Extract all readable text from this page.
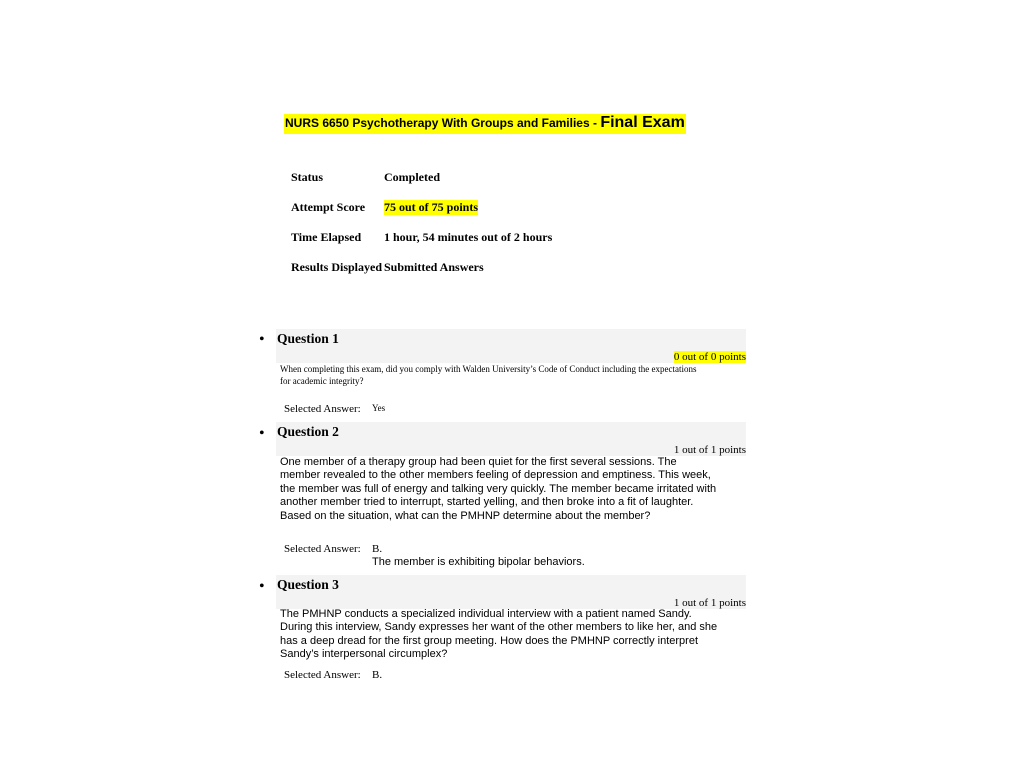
NURS 6650 Psychotherapy With Groups and Families - Final Exam
Status	Completed
Attempt Score 75 out of 75 points
Time Elapsed 1 hour, 54 minutes out of 2 hours
Results Displayed Submitted Answers
• Question 1
0 out of 0 points
When completing this exam, did you comply with Walden University’s Code of Conduct including the expectations for academic integrity?
Selected Answer: Yes
• Question 2
1 out of 1 points
One member of a therapy group had been quiet for the first several sessions. The member revealed to the other members feeling of depression and emptiness. This week, the member was full of energy and talking very quickly. The member became irritated with another member tried to interrupt, started yelling, and then broke into a fit of laughter. Based on the situation, what can the PMHNP determine about the member?
Selected Answer: B.
The member is exhibiting bipolar behaviors.
• Question 3
1 out of 1 points
The PMHNP conducts a specialized individual interview with a patient named Sandy. During this interview, Sandy expresses her want of the other members to like her, and she has a deep dread for the first group meeting. How does the PMHNP correctly interpret Sandy’s interpersonal circumplex?
Selected Answer: B.
